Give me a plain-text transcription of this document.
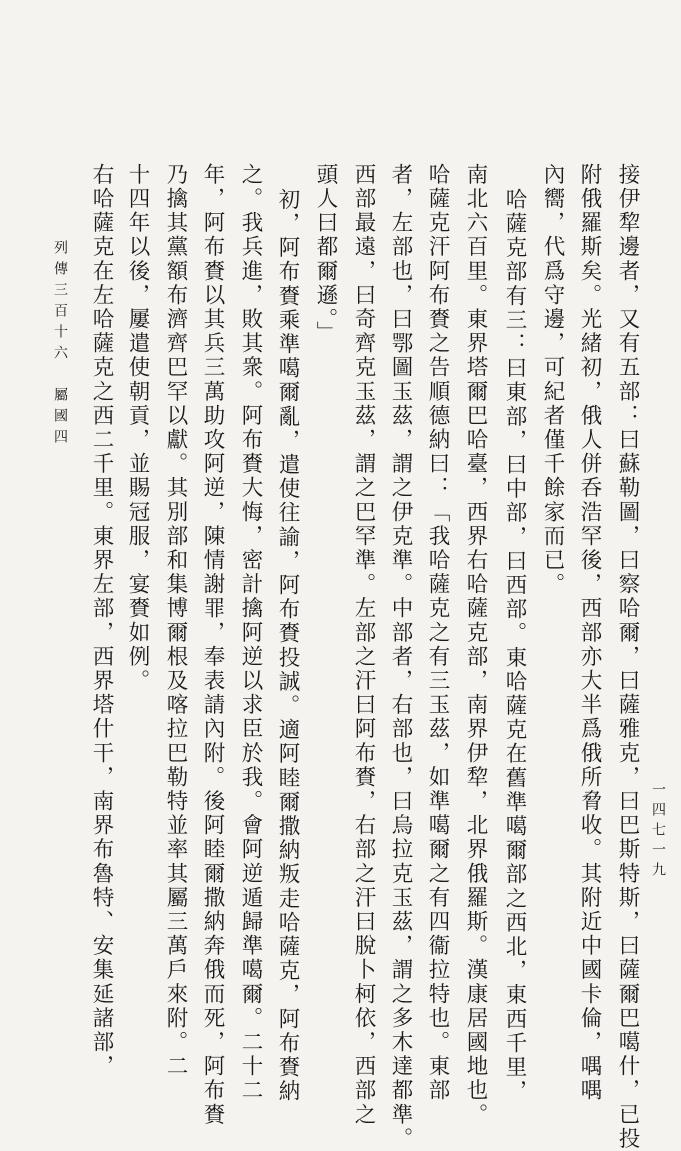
接伊犂邊者，又有五部：曰蘇勒圖，曰察哈爾，曰薩雅克，曰巴斯特斯，曰薩爾巴噶什，已投
附俄羅斯矣。光緒初，俄人併呑浩罕後，西部亦大半爲俄所脅收。其附近中國卡倫，喁喁
內嚮，代爲守邊，可紀者僅千餘家而已。
哈薩克部有三：曰東部，曰中部，曰西部。東哈薩克在舊準噶爾部之西北，東西千里，
南北六百里。東界塔爾巴哈臺，西界右哈薩克部，南界伊犂，北界俄羅斯。漢康居國地也。
哈薩克汗阿布賚之告順德納曰：「我哈薩克之有三玉茲，如準噶爾之有四衞拉特也。東部
者，左部也，曰鄂圖玉茲，謂之伊克準。中部者，右部也，曰烏拉克玉茲，謂之多木達都準。
西部最遠，曰奇齊克玉茲，謂之巴罕準。左部之汗曰阿布賚，右部之汗曰脫卜柯依，西部之
頭人曰都爾遜。」
初，阿布賚乘準噶爾亂，遣使往諭，阿布賚投誠。適阿睦爾撒納叛走哈薩克，阿布賚納
之。我兵進，敗其衆。阿布賚大悔，密計擒阿逆以求臣於我。會阿逆遁歸準噶爾。二十二
年，阿布賚以其兵三萬助攻阿逆，陳情謝罪，奉表請內附。後阿睦爾撒納奔俄而死，阿布賚
乃擒其黨額布濟齊巴罕以獻。其別部和集博爾根及喀拉巴勒特並率其屬三萬戶來附。二
十四年以後，屢遣使朝貢，並賜冠服，宴賚如例。
右哈薩克在左哈薩克之西二千里。東界左部，西界塔什干，南界布魯特、安集延諸部，
列傳三百十六　屬國四
一四七一九
